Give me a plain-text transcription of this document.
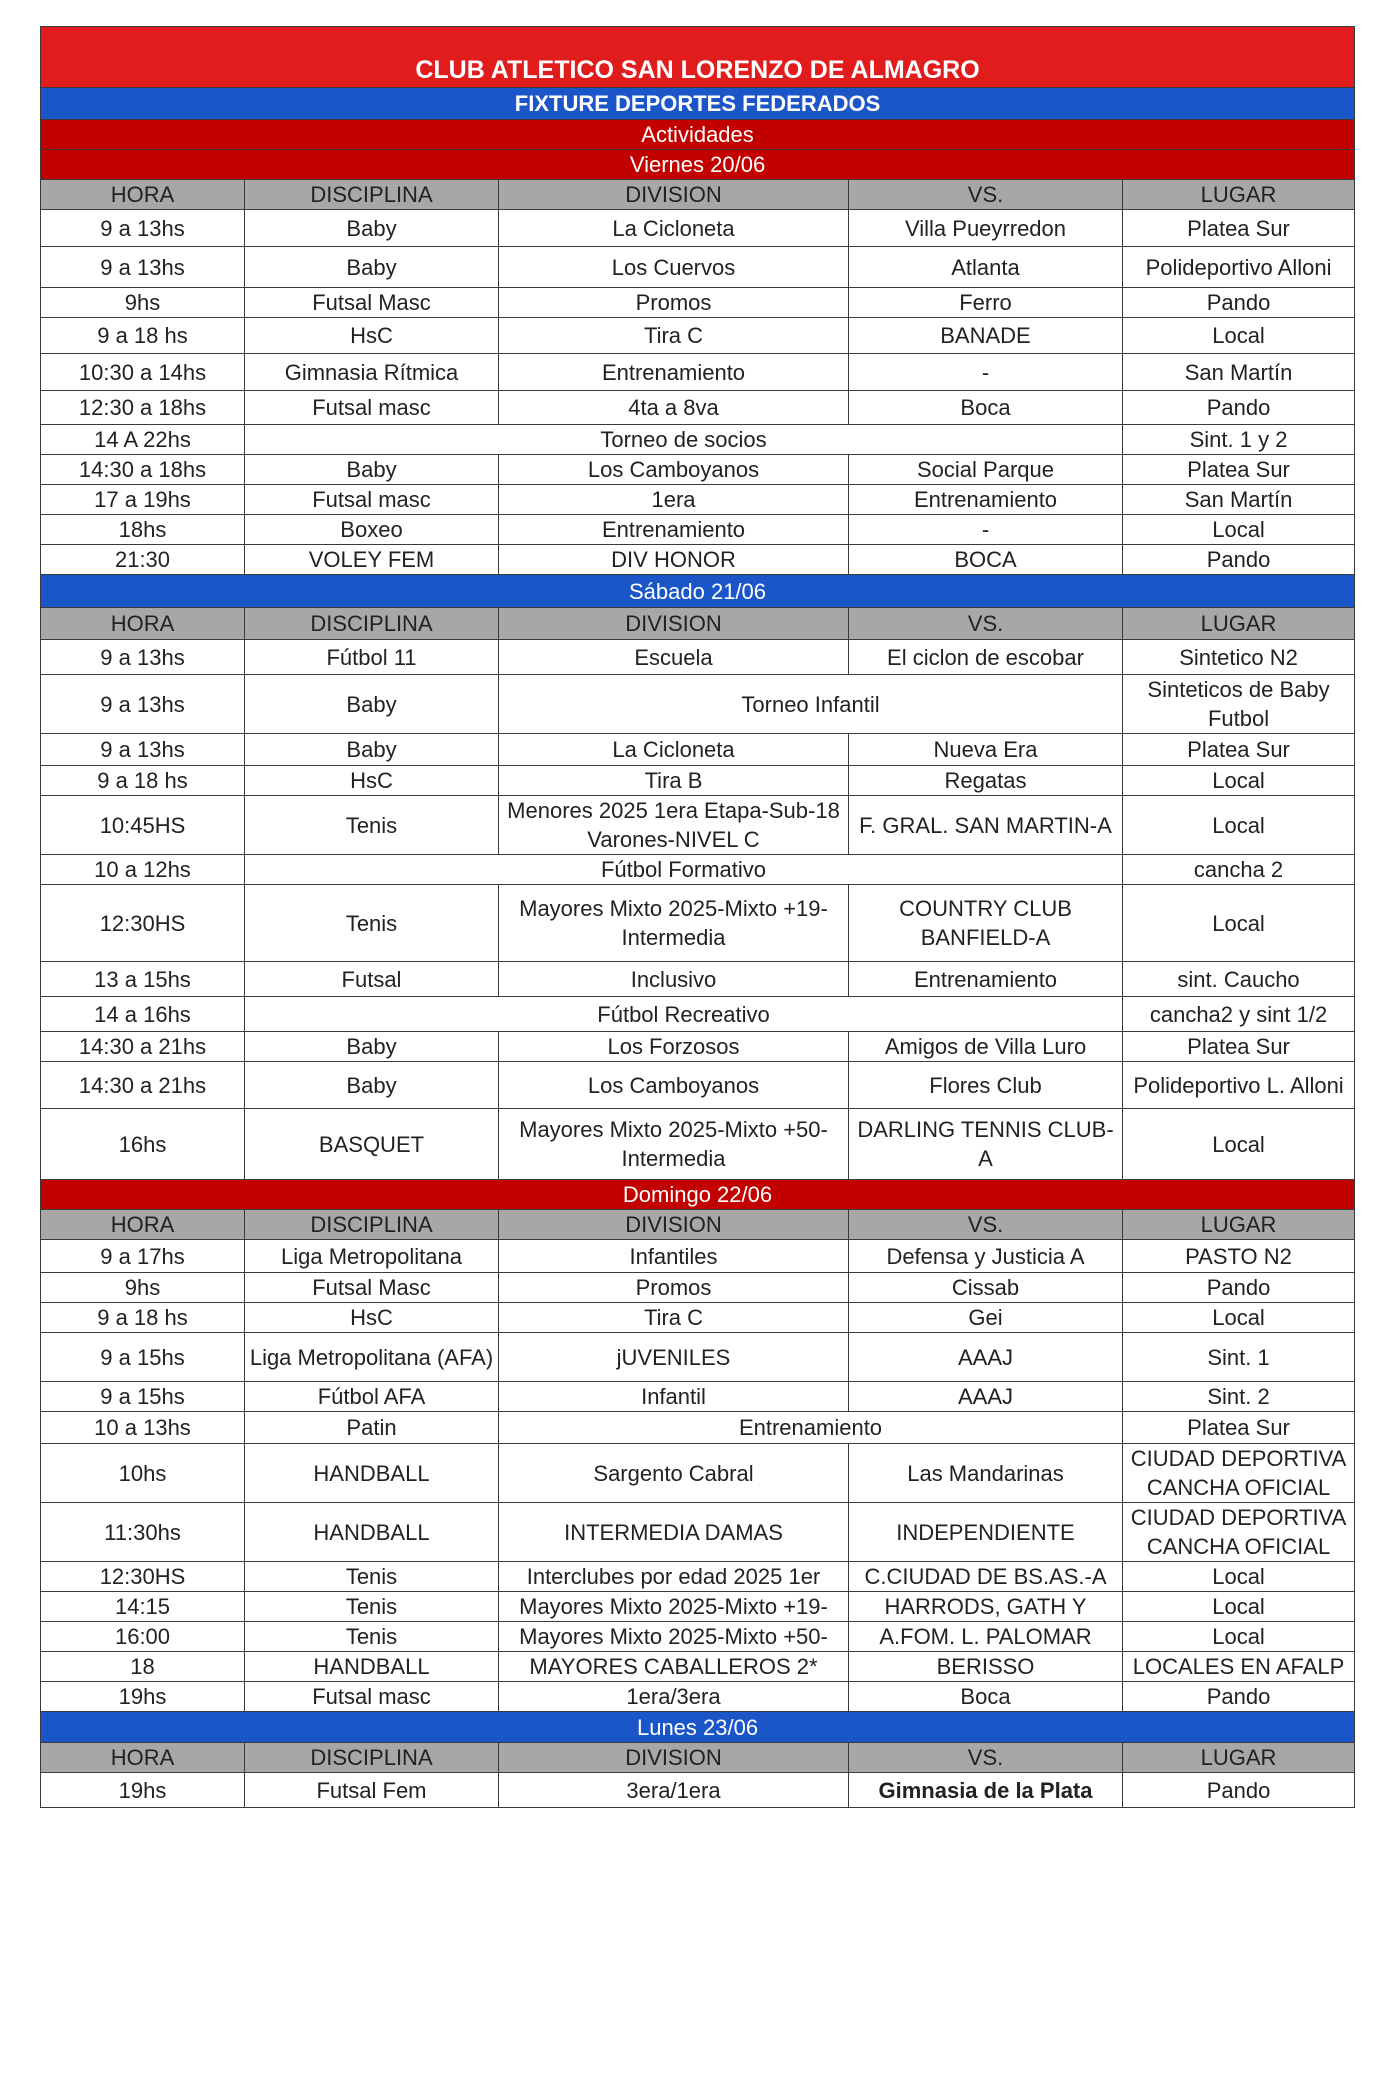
CLUB ATLETICO SAN LORENZO DE ALMAGRO				
FIXTURE DEPORTES FEDERADOS				
Actividades				
Viernes 20/06				
HORA	DISCIPLINA	DIVISION	VS.	LUGAR
9 a 13hs	Baby	La Cicloneta	Villa Pueyrredon	Platea Sur
9 a 13hs	Baby	Los Cuervos	Atlanta	Polideportivo Alloni
9hs	Futsal Masc	Promos	Ferro	Pando
9 a 18 hs	HsC	Tira C	BANADE	Local
10:30 a 14hs	Gimnasia Rítmica	Entrenamiento	-	San Martín
12:30 a 18hs	Futsal masc	4ta a 8va	Boca	Pando
14 A 22hs	Torneo de socios			Sint. 1 y 2
14:30 a 18hs	Baby	Los Camboyanos	Social Parque	Platea Sur
17 a 19hs	Futsal masc	1era	Entrenamiento	San Martín
18hs	Boxeo	Entrenamiento	-	Local
21:30	VOLEY FEM	DIV HONOR	BOCA	Pando
Sábado 21/06				
HORA	DISCIPLINA	DIVISION	VS.	LUGAR
9 a 13hs	Fútbol 11	Escuela	El ciclon de escobar	Sintetico N2
9 a 13hs	Baby	Torneo Infantil		Sinteticos de Baby Futbol
9 a 13hs	Baby	La Cicloneta	Nueva Era	Platea Sur
9 a 18 hs	HsC	Tira B	Regatas	Local
10:45HS	Tenis	Menores 2025 1era Etapa-Sub-18 Varones-NIVEL C	F. GRAL. SAN MARTIN-A	Local
10 a 12hs	Fútbol Formativo			cancha 2
12:30HS	Tenis	Mayores Mixto 2025-Mixto +19-Intermedia	COUNTRY CLUB BANFIELD-A	Local
13 a 15hs	Futsal	Inclusivo	Entrenamiento	sint. Caucho
14 a 16hs	Fútbol Recreativo			cancha2 y sint 1/2
14:30 a 21hs	Baby	Los Forzosos	Amigos de Villa Luro	Platea Sur
14:30 a 21hs	Baby	Los Camboyanos	Flores Club	Polideportivo L. Alloni
16hs	BASQUET	Mayores Mixto 2025-Mixto +50-Intermedia	DARLING TENNIS CLUB-A	Local
Domingo 22/06				
HORA	DISCIPLINA	DIVISION	VS.	LUGAR
9 a 17hs	Liga Metropolitana	Infantiles	Defensa y Justicia A	PASTO N2
9hs	Futsal Masc	Promos	Cissab	Pando
9 a 18 hs	HsC	Tira C	Gei	Local
9 a 15hs	Liga Metropolitana (AFA)	jUVENILES	AAAJ	Sint. 1
9 a 15hs	Fútbol AFA	Infantil	AAAJ	Sint. 2
10 a 13hs	Patin	Entrenamiento		Platea Sur
10hs	HANDBALL	Sargento Cabral	Las Mandarinas	CIUDAD DEPORTIVA CANCHA OFICIAL
11:30hs	HANDBALL	INTERMEDIA DAMAS	INDEPENDIENTE	CIUDAD DEPORTIVA CANCHA OFICIAL
12:30HS	Tenis	Interclubes por edad 2025 1er	C.CIUDAD DE BS.AS.-A	Local
14:15	Tenis	Mayores Mixto 2025-Mixto +19-	HARRODS, GATH Y	Local
16:00	Tenis	Mayores Mixto 2025-Mixto +50-	A.FOM. L. PALOMAR	Local
18	HANDBALL	MAYORES CABALLEROS 2*	BERISSO	LOCALES EN AFALP
19hs	Futsal masc	1era/3era	Boca	Pando
Lunes 23/06				
HORA	DISCIPLINA	DIVISION	VS.	LUGAR
19hs	Futsal Fem	3era/1era	Gimnasia de la Plata	Pando
